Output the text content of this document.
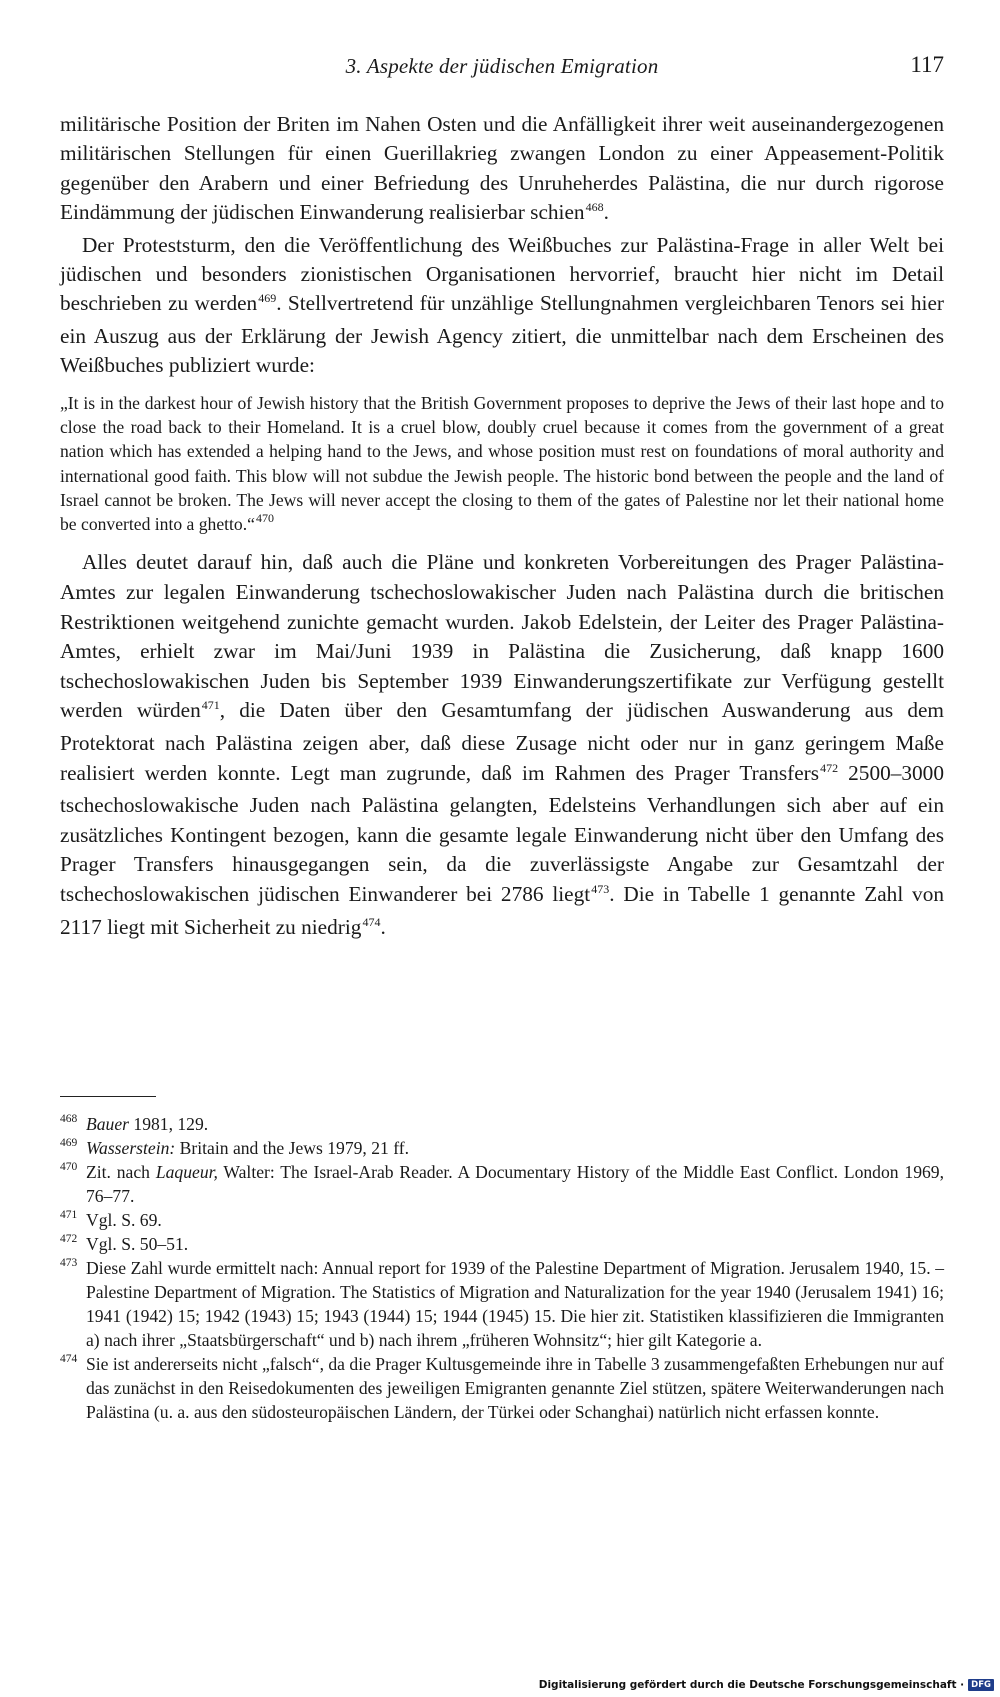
3. Aspekte der jüdischen Emigration	117

militärische Position der Briten im Nahen Osten und die Anfälligkeit ihrer weit auseinandergezogenen militärischen Stellungen für einen Guerillakrieg zwangen London zu einer Appeasement-Politik gegenüber den Arabern und einer Befriedung des Unruheherdes Palästina, die nur durch rigorose Eindämmung der jüdischen Einwanderung realisierbar schien$^{468}$.

Der Proteststurm, den die Veröffentlichung des Weißbuches zur Palästina-Frage in aller Welt bei jüdischen und besonders zionistischen Organisationen hervorrief, braucht hier nicht im Detail beschrieben zu werden$^{469}$. Stellvertretend für unzählige Stellungnahmen vergleichbaren Tenors sei hier ein Auszug aus der Erklärung der Jewish Agency zitiert, die unmittelbar nach dem Erscheinen des Weißbuches publiziert wurde:

„It is in the darkest hour of Jewish history that the British Government proposes to deprive the Jews of their last hope and to close the road back to their Homeland. It is a cruel blow, doubly cruel because it comes from the government of a great nation which has extended a helping hand to the Jews, and whose position must rest on foundations of moral authority and international good faith. This blow will not subdue the Jewish people. The historic bond between the people and the land of Israel cannot be broken. The Jews will never accept the closing to them of the gates of Palestine nor let their national home be converted into a ghetto.“$^{470}$

Alles deutet darauf hin, daß auch die Pläne und konkreten Vorbereitungen des Prager Palästina-Amtes zur legalen Einwanderung tschechoslowakischer Juden nach Palästina durch die britischen Restriktionen weitgehend zunichte gemacht wurden. Jakob Edelstein, der Leiter des Prager Palästina-Amtes, erhielt zwar im Mai/Juni 1939 in Palästina die Zusicherung, daß knapp 1600 tschechoslowakischen Juden bis September 1939 Einwanderungszertifikate zur Verfügung gestellt werden würden$^{471}$, die Daten über den Gesamtumfang der jüdischen Auswanderung aus dem Protektorat nach Palästina zeigen aber, daß diese Zusage nicht oder nur in ganz geringem Maße realisiert werden konnte. Legt man zugrunde, daß im Rahmen des Prager Transfers$^{472}$ 2500–3000 tschechoslowakische Juden nach Palästina gelangten, Edelsteins Verhandlungen sich aber auf ein zusätzliches Kontingent bezogen, kann die gesamte legale Einwanderung nicht über den Umfang des Prager Transfers hinausgegangen sein, da die zuverlässigste Angabe zur Gesamtzahl der tschechoslowakischen jüdischen Einwanderer bei 2786 liegt$^{473}$. Die in Tabelle 1 genannte Zahl von 2117 liegt mit Sicherheit zu niedrig$^{474}$.

468 Bauer 1981, 129.
469 Wasserstein: Britain and the Jews 1979, 21 ff.
470 Zit. nach Laqueur, Walter: The Israel-Arab Reader. A Documentary History of the Middle East Conflict. London 1969, 76–77.
471 Vgl. S. 69.
472 Vgl. S. 50–51.
473 Diese Zahl wurde ermittelt nach: Annual report for 1939 of the Palestine Department of Migration. Jerusalem 1940, 15. – Palestine Department of Migration. The Statistics of Migration and Naturalization for the year 1940 (Jerusalem 1941) 16; 1941 (1942) 15; 1942 (1943) 15; 1943 (1944) 15; 1944 (1945) 15. Die hier zit. Statistiken klassifizieren die Immigranten a) nach ihrer „Staatsbürgerschaft“ und b) nach ihrem „früheren Wohnsitz“; hier gilt Kategorie a.
474 Sie ist andererseits nicht „falsch“, da die Prager Kultusgemeinde ihre in Tabelle 3 zusammengefaßten Erhebungen nur auf das zunächst in den Reisedokumenten des jeweiligen Emigranten genannte Ziel stützen, spätere Weiterwanderungen nach Palästina (u. a. aus den südosteuropäischen Ländern, der Türkei oder Schanghai) natürlich nicht erfassen konnte.
Digitalisierung gefördert durch die Deutsche Forschungsgemeinschaft · DFG
